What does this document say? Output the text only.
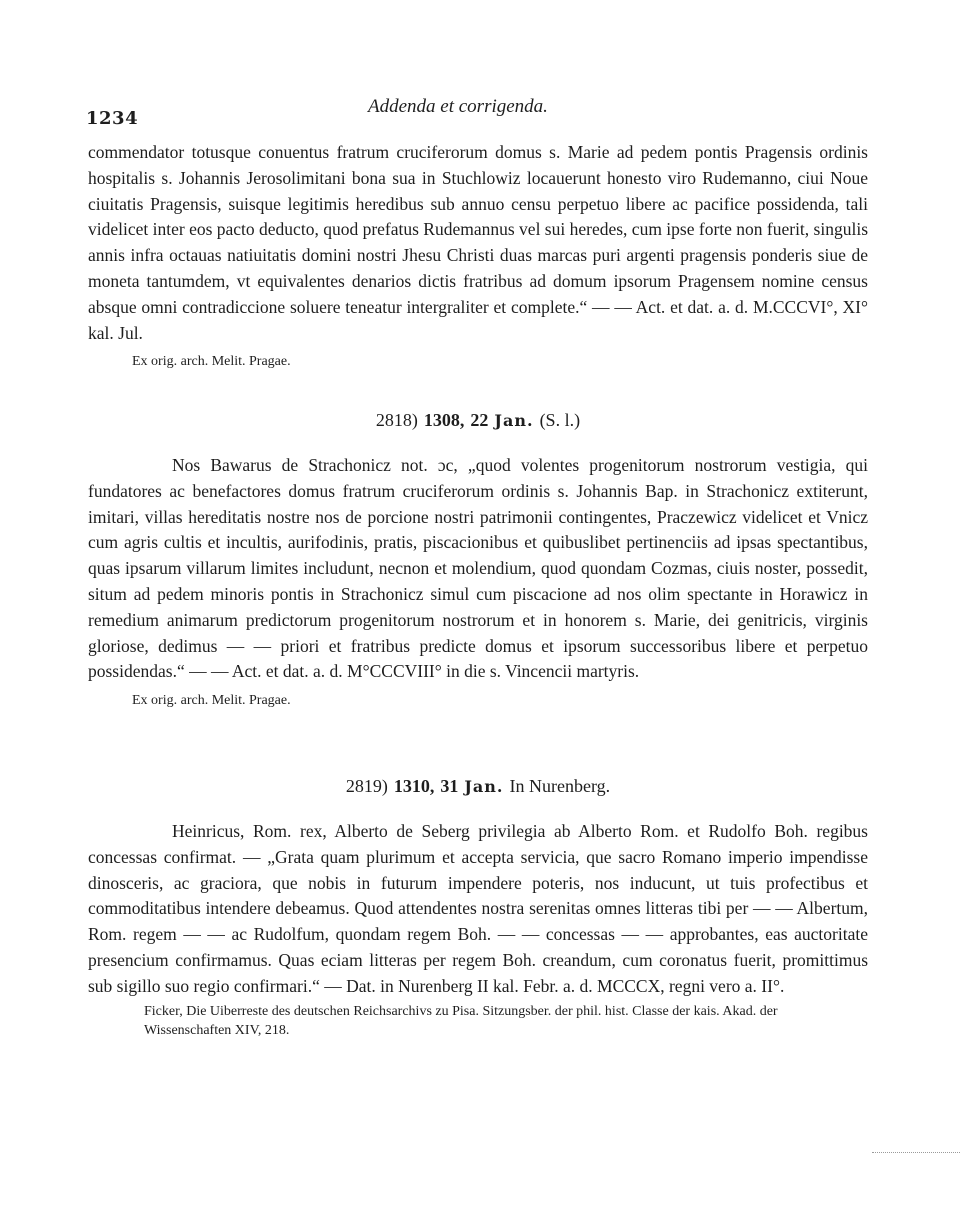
1234
Addenda et corrigenda.

commendator totusque conuentus fratrum cruciferorum domus s. Marie ad pedem pontis Pragensis ordinis hospitalis s. Johannis Jerosolimitani bona sua in Stuchlowiz locauerunt honesto viro Rudemanno, ciui Noue ciuitatis Pragensis, suisque legitimis heredibus sub annuo censu perpetuo libere ac pacifice possidenda, tali videlicet inter eos pacto deducto, quod prefatus Rudemannus vel sui heredes, cum ipse forte non fuerit, singulis annis infra octauas natiuitatis domini nostri Jhesu Christi duas marcas puri argenti pragensis ponderis siue de moneta tantumdem, vt equivalentes denarios dictis fratribus ad domum ipsorum Pragensem nomine census absque omni contradiccione soluere teneatur intergraliter et complete.“ — — Act. et dat. a. d. M.CCCVI°, XI° kal. Jul.

Ex orig. arch. Melit. Pragae.
2818) 1308, 22 Jan. (S. l.)

Nos Bawarus de Strachonicz not. ɔc, „quod volentes progenitorum nostrorum vestigia, qui fundatores ac benefactores domus fratrum cruciferorum ordinis s. Johannis Bap. in Strachonicz extiterunt, imitari, villas hereditatis nostre nos de porcione nostri patrimonii contingentes, Praczewicz videlicet et Vnicz cum agris cultis et incultis, aurifodinis, pratis, piscacionibus et quibuslibet pertinenciis ad ipsas spectantibus, quas ipsarum villarum limites includunt, necnon et molendium, quod quondam Cozmas, ciuis noster, possedit, situm ad pedem minoris pontis in Strachonicz simul cum piscacione ad nos olim spectante in Horawicz in remedium animarum predictorum progenitorum nostrorum et in honorem s. Marie, dei genitricis, virginis gloriose, dedimus — — priori et fratribus predicte domus et ipsorum successoribus libere et perpetuo possidendas.“ — — Act. et dat. a. d. M°CCCVIII° in die s. Vincencii martyris.

Ex orig. arch. Melit. Pragae.
2819) 1310, 31 Jan. In Nurenberg.

Heinricus, Rom. rex, Alberto de Seberg privilegia ab Alberto Rom. et Rudolfo Boh. regibus concessas confirmat. — „Grata quam plurimum et accepta servicia, que sacro Romano imperio impendisse dinosceris, ac graciora, que nobis in futurum impendere poteris, nos inducunt, ut tuis profectibus et commoditatibus intendere debeamus. Quod attendentes nostra serenitas omnes litteras tibi per — — Albertum, Rom. regem — — ac Rudolfum, quondam regem Boh. — — concessas — — approbantes, eas auctoritate presencium confirmamus. Quas eciam litteras per regem Boh. creandum, cum coronatus fuerit, promittimus sub sigillo suo regio confirmari.“ — Dat. in Nurenberg II kal. Febr. a. d. MCCCX, regni vero a. II°.

Ficker, Die Uiberreste des deutschen Reichsarchivs zu Pisa. Sitzungsber. der phil. hist. Classe der kais. Akad. der Wissenschaften XIV, 218.
